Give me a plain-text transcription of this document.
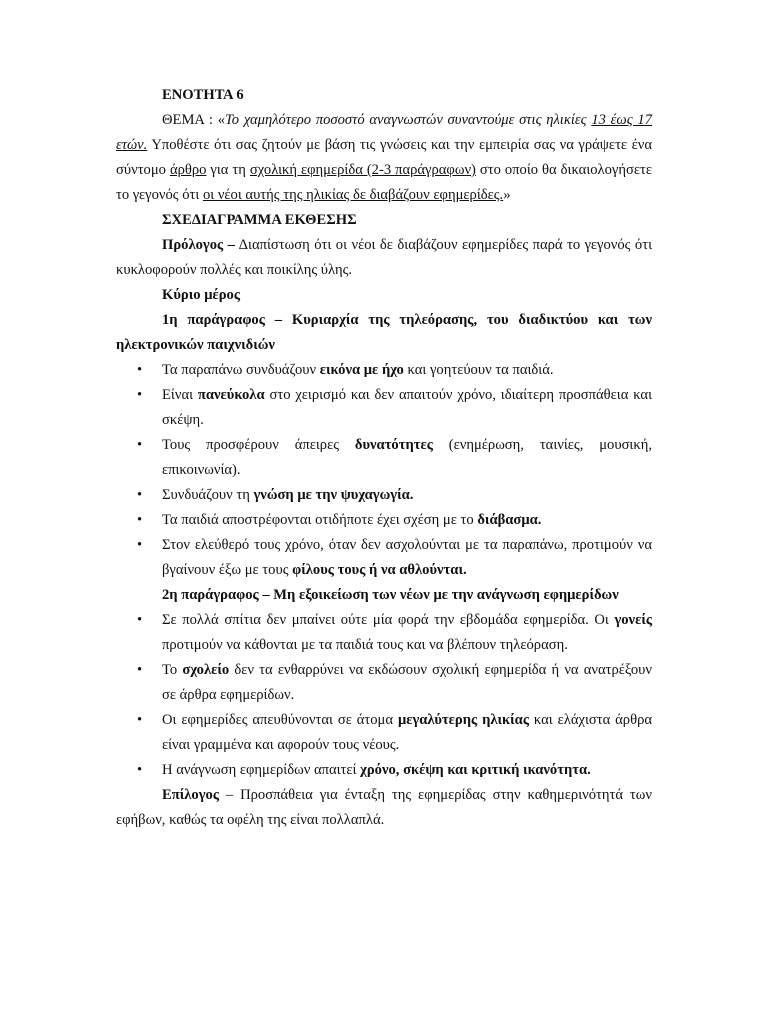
ΕΝΟΤΗΤΑ 6
ΘΕΜΑ : «Το χαμηλότερο ποσοστό αναγνωστών συναντούμε στις ηλικίες 13 έως 17 ετών. Υποθέστε ότι σας ζητούν με βάση τις γνώσεις και την εμπειρία σας να γράψετε ένα σύντομο άρθρο για τη σχολική εφημερίδα (2-3 παράγραφων) στο οποίο θα δικαιολογήσετε το γεγονός ότι οι νέοι αυτής της ηλικίας δε διαβάζουν εφημερίδες.»
ΣΧΕΔΙΑΓΡΑΜΜΑ ΕΚΘΕΣΗΣ
Πρόλογος – Διαπίστωση ότι οι νέοι δε διαβάζουν εφημερίδες παρά το γεγονός ότι κυκλοφορούν πολλές και ποικίλης ύλης.
Κύριο μέρος
1η παράγραφος – Κυριαρχία της τηλεόρασης, του διαδικτύου και των ηλεκτρονικών παιχνιδιών
• Τα παραπάνω συνδυάζουν εικόνα με ήχο και γοητεύουν τα παιδιά.
• Είναι πανεύκολα στο χειρισμό και δεν απαιτούν χρόνο, ιδιαίτερη προσπάθεια και σκέψη.
• Τους προσφέρουν άπειρες δυνατότητες (ενημέρωση, ταινίες, μουσική, επικοινωνία).
• Συνδυάζουν τη γνώση με την ψυχαγωγία.
• Τα παιδιά αποστρέφονται οτιδήποτε έχει σχέση με το διάβασμα.
• Στον ελεύθερό τους χρόνο, όταν δεν ασχολούνται με τα παραπάνω, προτιμούν να βγαίνουν έξω με τους φίλους τους ή να αθλούνται.
2η παράγραφος – Μη εξοικείωση των νέων με την ανάγνωση εφημερίδων
• Σε πολλά σπίτια δεν μπαίνει ούτε μία φορά την εβδομάδα εφημερίδα. Οι γονείς προτιμούν να κάθονται με τα παιδιά τους και να βλέπουν τηλεόραση.
• Το σχολείο δεν τα ενθαρρύνει να εκδώσουν σχολική εφημερίδα ή να ανατρέξουν σε άρθρα εφημερίδων.
• Οι εφημερίδες απευθύνονται σε άτομα μεγαλύτερης ηλικίας και ελάχιστα άρθρα είναι γραμμένα και αφορούν τους νέους.
• Η ανάγνωση εφημερίδων απαιτεί χρόνο, σκέψη και κριτική ικανότητα.
Επίλογος – Προσπάθεια για ένταξη της εφημερίδας στην καθημερινότητά των εφήβων, καθώς τα οφέλη της είναι πολλαπλά.
